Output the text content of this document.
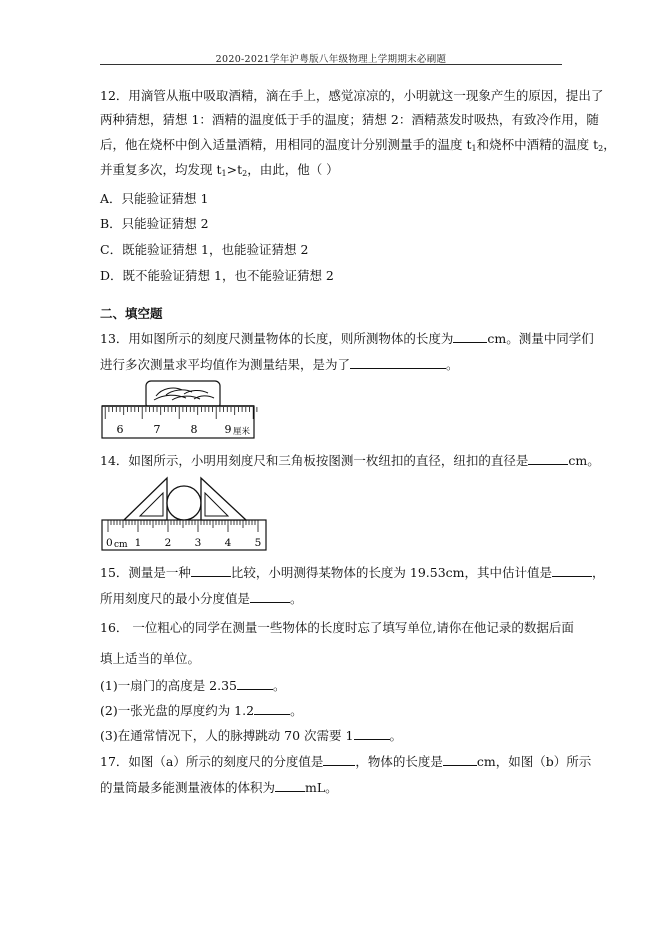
2020-2021学年沪粤版八年级物理上学期期末必刷题
12．用滴管从瓶中吸取酒精，滴在手上，感觉凉凉的，小明就这一现象产生的原因，提出了
两种猜想，猜想 1：酒精的温度低于手的温度；猜想 2：酒精蒸发时吸热，有致冷作用，随
后，他在烧杯中倒入适量酒精，用相同的温度计分别测量手的温度 $t_1$和烧杯中酒精的温度 $t_2$，
并重复多次，均发现 $t_1>t_2$，由此，他（ ）
A．只能验证猜想 1
B．只能验证猜想 2
C．既能验证猜想 1，也能验证猜想 2
D．既不能验证猜想 1，也不能验证猜想 2
二、填空题
13．用如图所示的刻度尺测量物体的长度，则所测物体的长度为	cm。测量中同学们
进行多次测量求平均值作为测量结果，是为了	。
6	7	8 9 厘米
14．如图所示，小明用刻度尺和三角板按图测一枚纽扣的直径，纽扣的直径是	cm。
0 cm 1 2 3 4 5
15．测量是一种	比较，小明测得某物体的长度为 19.53cm，其中估计值是	，
所用刻度尺的最小分度值是	。
16． 一位粗心的同学在测量一些物体的长度时忘了填写单位,请你在他记录的数据后面
填上适当的单位。
(1)一扇门的高度是 2.35	。
(2)一张光盘的厚度约为 1.2	。
(3)在通常情况下，人的脉搏跳动 70 次需要 1	。
17．如图（a）所示的刻度尺的分度值是	，物体的长度是	cm，如图（b）所示
的量筒最多能测量液体的体积为 mL。
